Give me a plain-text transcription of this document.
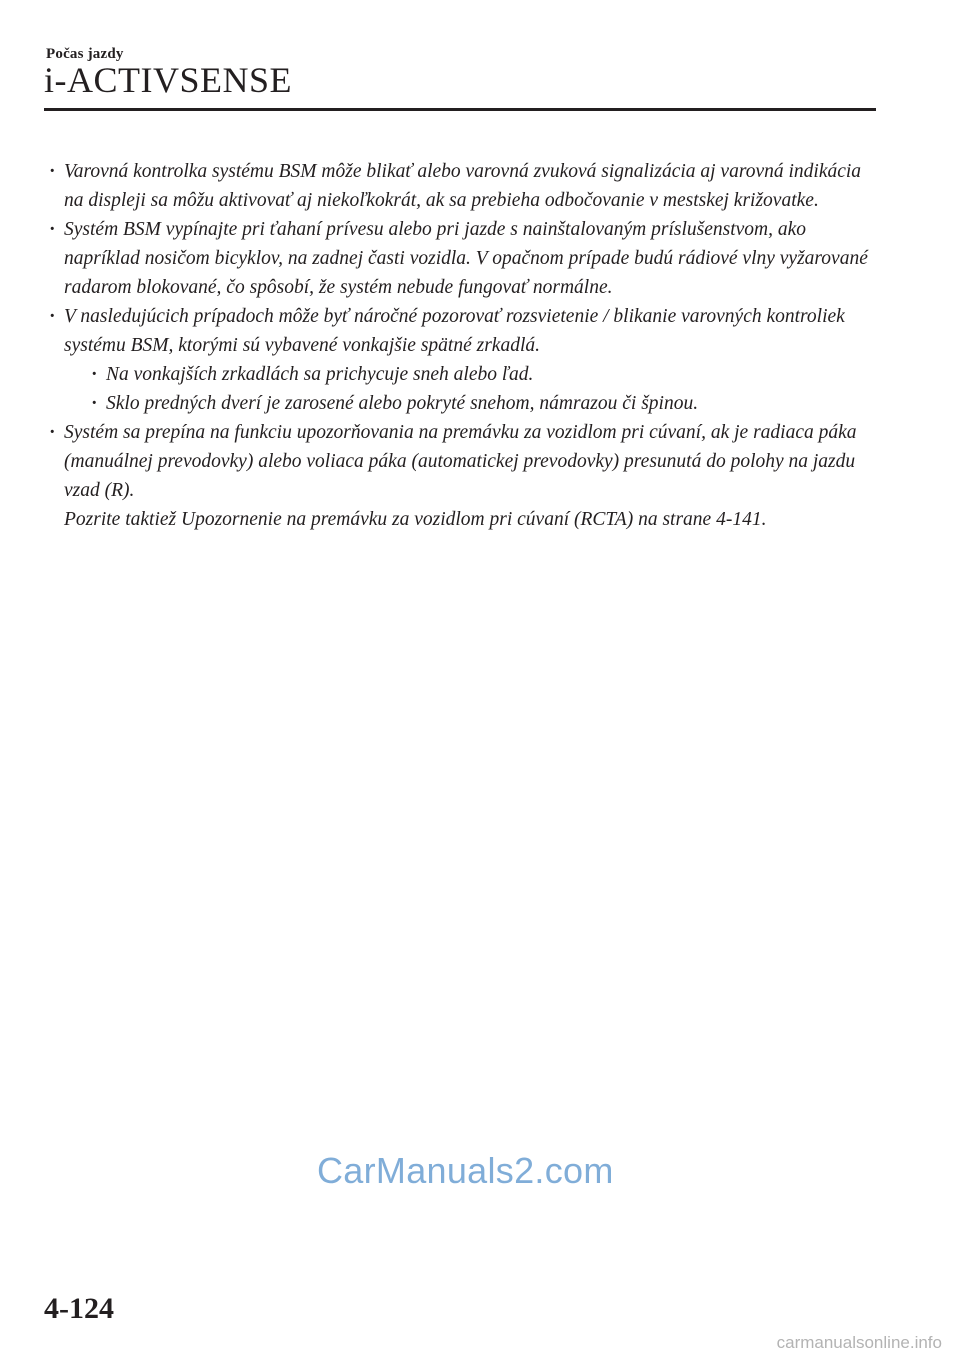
Počas jazdy
i-ACTIVSENSE
· Varovná kontrolka systému BSM môže blikať alebo varovná zvuková signalizácia aj varovná indikácia na displeji sa môžu aktivovať aj niekoľkokrát, ak sa prebieha odbočovanie v mestskej križovatke.
· Systém BSM vypínajte pri ťahaní prívesu alebo pri jazde s nainštalovaným príslušenstvom, ako napríklad nosičom bicyklov, na zadnej časti vozidla. V opačnom prípade budú rádiové vlny vyžarované radarom blokované, čo spôsobí, že systém nebude fungovať normálne.
· V nasledujúcich prípadoch môže byť náročné pozorovať rozsvietenie / blikanie varovných kontroliek systému BSM, ktorými sú vybavené vonkajšie spätné zrkadlá.
· Na vonkajších zrkadlách sa prichycuje sneh alebo ľad.
· Sklo predných dverí je zarosené alebo pokryté snehom, námrazou či špinou.
· Systém sa prepína na funkciu upozorňovania na premávku za vozidlom pri cúvaní, ak je radiaca páka (manuálnej prevodovky) alebo voliaca páka (automatickej prevodovky) presunutá do polohy na jazdu vzad (R).
Pozrite taktiež Upozornenie na premávku za vozidlom pri cúvaní (RCTA) na strane 4-141.
CarManuals2.com
4-124
carmanualsonline.info
